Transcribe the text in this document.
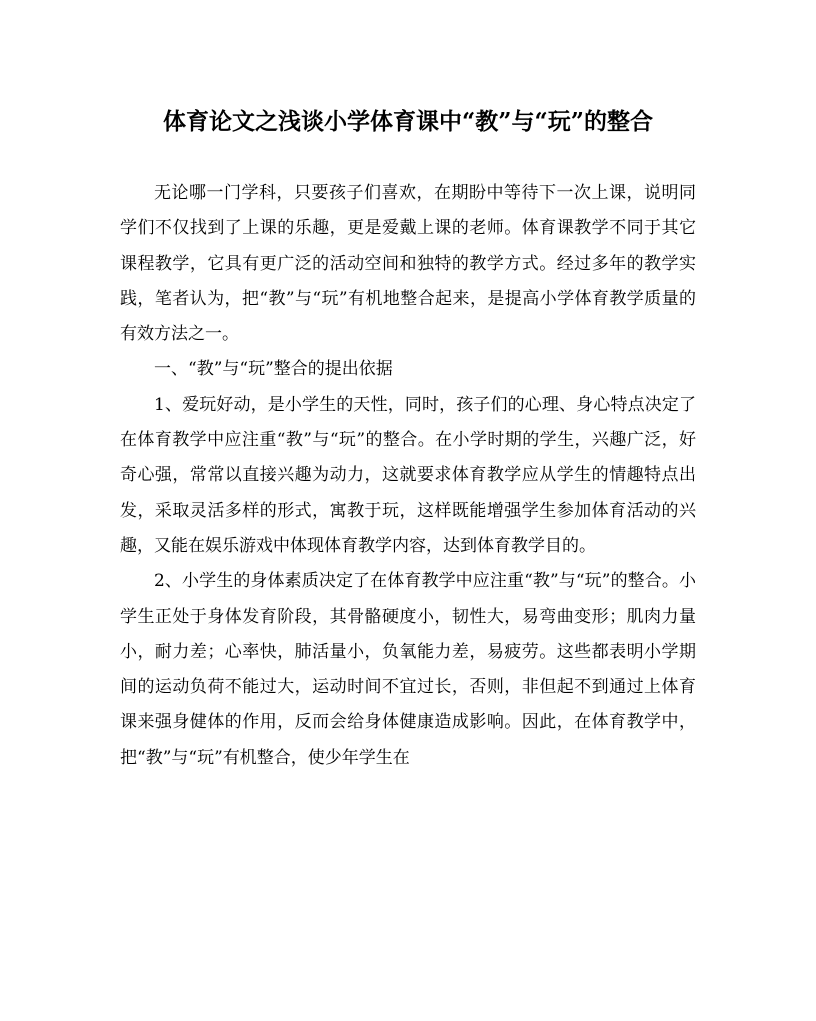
体育论文之浅谈小学体育课中“教”与“玩”的整合

无论哪一门学科，只要孩子们喜欢，在期盼中等待下一次上课，说明同学们不仅找到了上课的乐趣，更是爱戴上课的老师。体育课教学不同于其它课程教学，它具有更广泛的活动空间和独特的教学方式。经过多年的教学实践，笔者认为，把“教”与“玩”有机地整合起来，是提高小学体育教学质量的有效方法之一。

一、“教”与“玩”整合的提出依据

1、爱玩好动，是小学生的天性，同时，孩子们的心理、身心特点决定了在体育教学中应注重“教”与“玩”的整合。在小学时期的学生，兴趣广泛，好奇心强，常常以直接兴趣为动力，这就要求体育教学应从学生的情趣特点出发，采取灵活多样的形式，寓教于玩，这样既能增强学生参加体育活动的兴趣，又能在娱乐游戏中体现体育教学内容，达到体育教学目的。

2、小学生的身体素质决定了在体育教学中应注重“教”与“玩”的整合。小学生正处于身体发育阶段，其骨骼硬度小，韧性大，易弯曲变形；肌肉力量小，耐力差；心率快，肺活量小，负氧能力差，易疲劳。这些都表明小学期间的运动负荷不能过大，运动时间不宜过长，否则，非但起不到通过上体育课来强身健体的作用，反而会给身体健康造成影响。因此，在体育教学中，把“教”与“玩”有机整合，使少年学生在
